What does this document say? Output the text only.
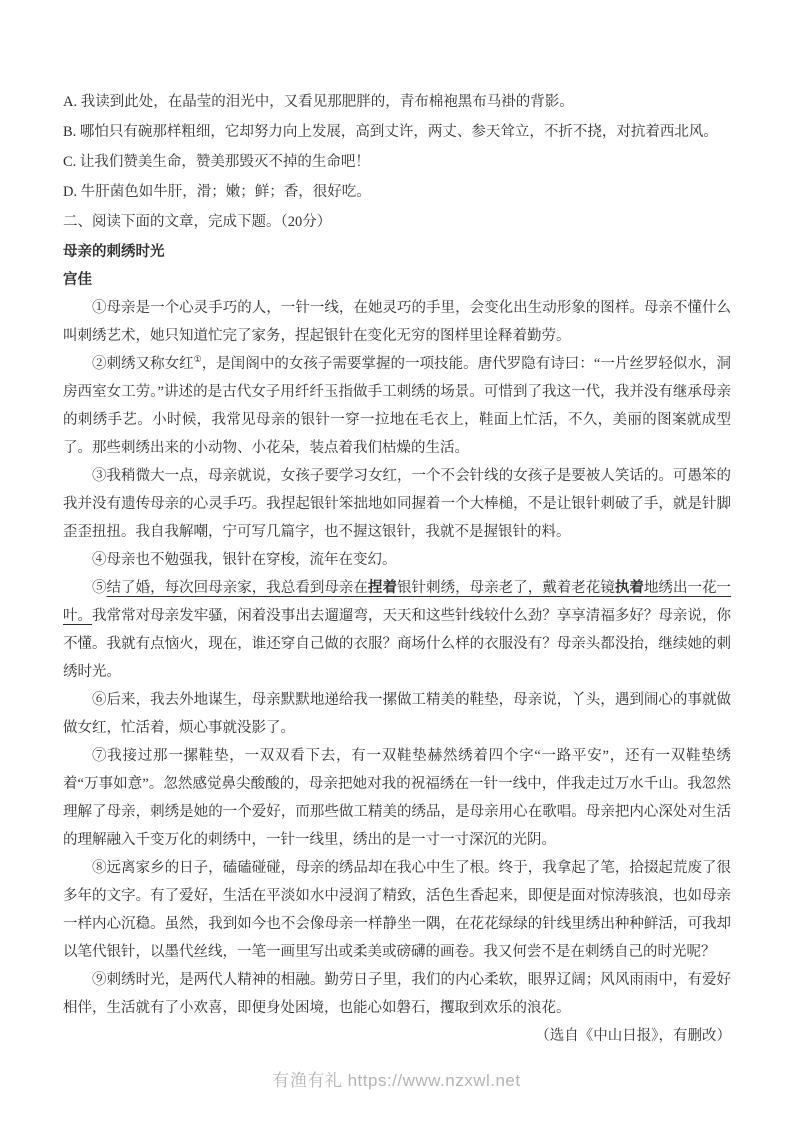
A. 我读到此处，在晶莹的泪光中，又看见那肥胖的，青布棉袍黑布马褂的背影。

B. 哪怕只有碗那样粗细，它却努力向上发展，高到丈许，两丈、参天耸立，不折不挠，对抗着西北风。

C. 让我们赞美生命，赞美那毁灭不掉的生命吧！

D. 牛肝菌色如牛肝，滑；嫩；鲜；香，很好吃。

二、阅读下面的文章，完成下题。（20分）

母亲的刺绣时光

宫佳

①母亲是一个心灵手巧的人，一针一线，在她灵巧的手里，会变化出生动形象的图样。母亲不懂什么叫刺绣艺术，她只知道忙完了家务，捏起银针在变化无穷的图样里诠释着勤劳。

②刺绣又称女红①，是闺阁中的女孩子需要掌握的一项技能。唐代罗隐有诗曰：“一片丝罗轻似水，洞房西室女工劳。”讲述的是古代女子用纤纤玉指做手工刺绣的场景。可惜到了我这一代，我并没有继承母亲的刺绣手艺。小时候，我常见母亲的银针一穿一拉地在毛衣上，鞋面上忙活，不久，美丽的图案就成型了。那些刺绣出来的小动物、小花朵，装点着我们枯燥的生活。

③我稍微大一点，母亲就说，女孩子要学习女红，一个不会针线的女孩子是要被人笑话的。可愚笨的我并没有遗传母亲的心灵手巧。我捏起银针笨拙地如同握着一个大棒槌，不是让银针刺破了手，就是针脚歪歪扭扭。我自我解嘲，宁可写几篇字，也不握这银针，我就不是握银针的料。

④母亲也不勉强我，银针在穿梭，流年在变幻。

⑤结了婚，每次回母亲家，我总看到母亲在捏着银针刺绣，母亲老了，戴着老花镜执着地绣出一花一叶。我常常对母亲发牢骚，闲着没事出去遛遛弯，天天和这些针线较什么劲？享享清福多好？母亲说，你不懂。我就有点恼火，现在，谁还穿自己做的衣服？商场什么样的衣服没有？母亲头都没抬，继续她的刺绣时光。

⑥后来，我去外地谋生，母亲默默地递给我一摞做工精美的鞋垫，母亲说，丫头，遇到闹心的事就做做女红，忙活着，烦心事就没影了。

⑦我接过那一摞鞋垫，一双双看下去，有一双鞋垫赫然绣着四个字“一路平安”，还有一双鞋垫绣着“万事如意”。忽然感觉鼻尖酸酸的，母亲把她对我的祝福绣在一针一线中，伴我走过万水千山。我忽然理解了母亲，刺绣是她的一个爱好，而那些做工精美的绣品，是母亲用心在歌唱。母亲把内心深处对生活的理解融入千变万化的刺绣中，一针一线里，绣出的是一寸一寸深沉的光阴。

⑧远离家乡的日子，磕磕碰碰，母亲的绣品却在我心中生了根。终于，我拿起了笔，拾掇起荒废了很多年的文字。有了爱好，生活在平淡如水中浸润了精致，活色生香起来，即便是面对惊涛骇浪，也如母亲一样内心沉稳。虽然，我到如今也不会像母亲一样静坐一隅，在花花绿绿的针线里绣出种种鲜活，可我却以笔代银针，以墨代丝线，一笔一画里写出或柔美或磅礴的画卷。我又何尝不是在刺绣自己的时光呢？

⑨刺绣时光，是两代人精神的相融。勤劳日子里，我们的内心柔软，眼界辽阔；风风雨雨中，有爱好相伴，生活就有了小欢喜，即便身处困境，也能心如磐石，攫取到欢乐的浪花。

（选自《中山日报》，有删改）

有渔有礼 https://www.nzxwl.net
